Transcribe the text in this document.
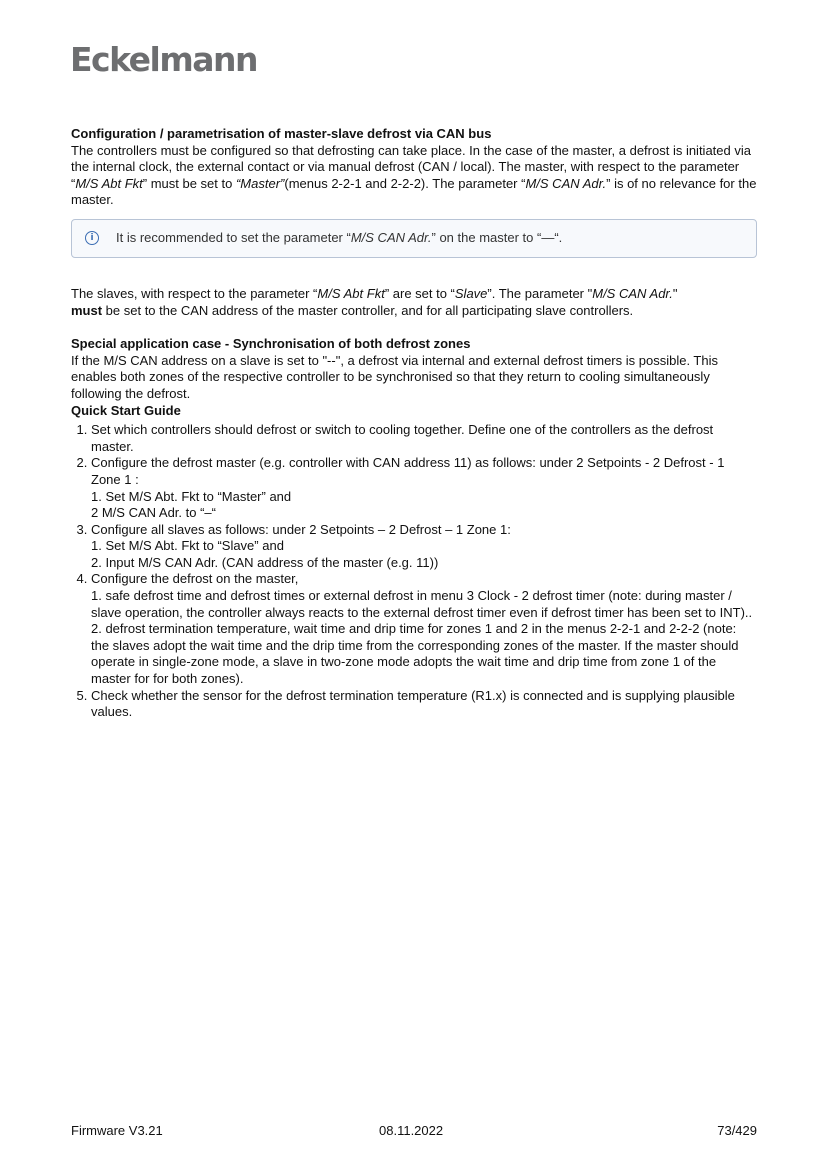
Eckelmann

Configuration / parametrisation of master-slave defrost via CAN bus

The controllers must be configured so that defrosting can take place. In the case of the master, a defrost is initiated via the internal clock, the external contact or via manual defrost (CAN / local). The master, with respect to the parameter “M/S Abt Fkt” must be set to “Master”(menus 2-2-1 and 2-2-2). The parameter “M/S CAN Adr.” is of no relevance for the master.

i	It is recommended to set the parameter “M/S CAN Adr.” on the master to “—“.

The slaves, with respect to the parameter “M/S Abt Fkt” are set to “Slave”. The parameter "M/S CAN Adr." must be set to the CAN address of the master controller, and for all participating slave controllers.

Special application case - Synchronisation of both defrost zones

If the M/S CAN address on a slave is set to "--", a defrost via internal and external defrost timers is possible. This enables both zones of the respective controller to be synchronised so that they return to cooling simultaneously following the defrost.

Quick Start Guide

1. Set which controllers should defrost or switch to cooling together. Define one of the controllers as the defrost master.
2. Configure the defrost master (e.g. controller with CAN address 11) as follows: under 2 Setpoints - 2 Defrost - 1 Zone 1 :
1. Set M/S Abt. Fkt to “Master” and
2 M/S CAN Adr. to “–“
3. Configure all slaves as follows: under 2 Setpoints – 2 Defrost – 1 Zone 1:
1. Set M/S Abt. Fkt to “Slave” and
2. Input M/S CAN Adr. (CAN address of the master (e.g. 11))
4. Configure the defrost on the master,
1. safe defrost time and defrost times or external defrost in menu 3 Clock - 2 defrost timer (note: during master / slave operation, the controller always reacts to the external defrost timer even if defrost timer has been set to INT)..
2. defrost termination temperature, wait time and drip time for zones 1 and 2 in the menus 2-2-1 and 2-2-2 (note: the slaves adopt the wait time and the drip time from the corresponding zones of the master. If the master should operate in single-zone mode, a slave in two-zone mode adopts the wait time and drip time from zone 1 of the master for for both zones).
5. Check whether the sensor for the defrost termination temperature (R1.x) is connected and is supplying plausible values.
Firmware V3.21	08.11.2022	73/429
